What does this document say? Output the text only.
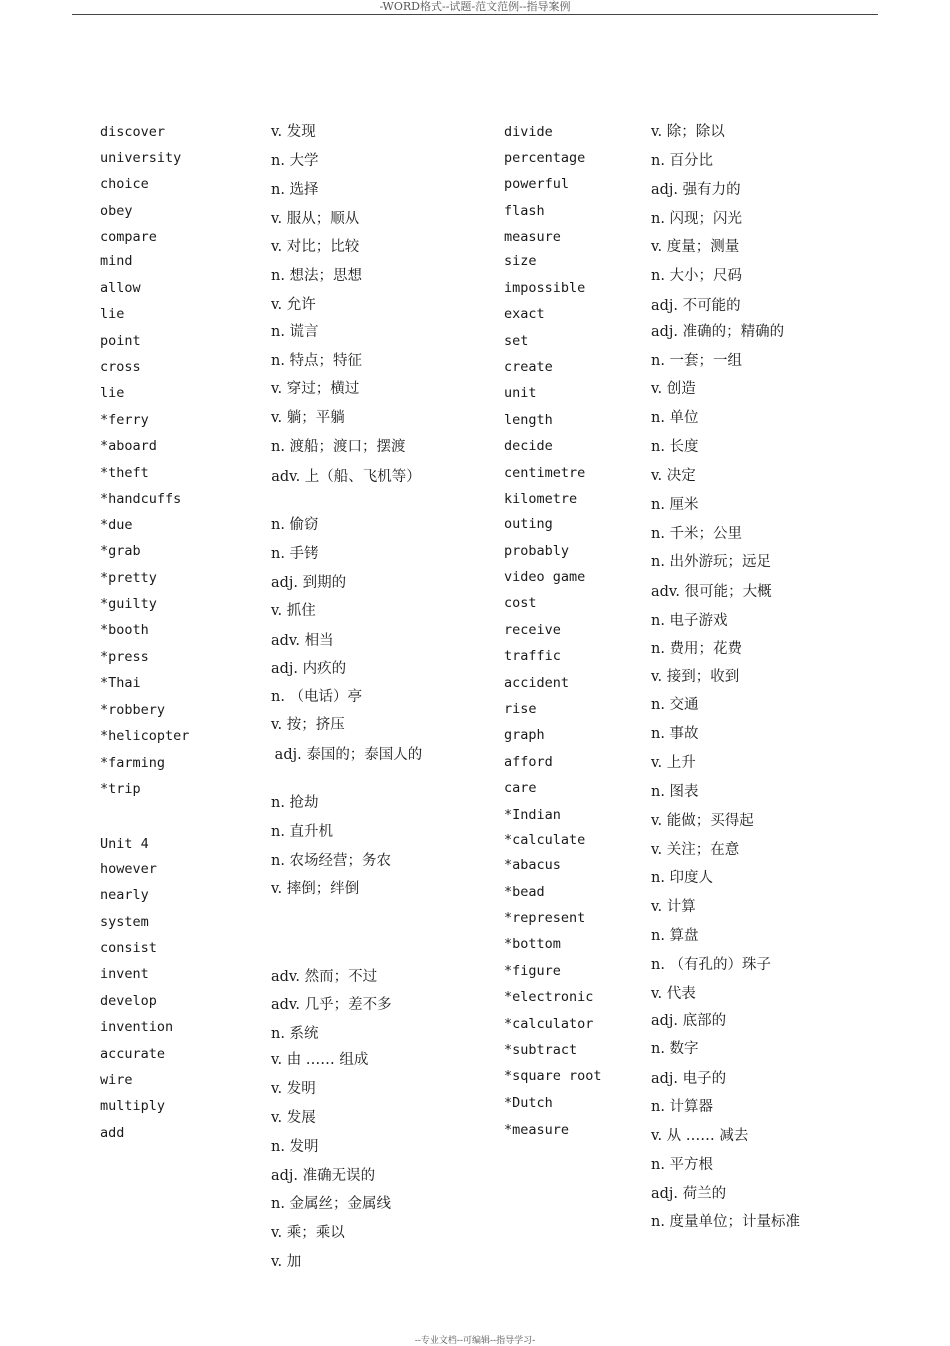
-WORD格式--试题-范文范例--指导案例
discover
university
choice
obey
compare
mind
allow
lie
point
cross
lie
*ferry
*aboard
*theft
*handcuffs
*due
*grab
*pretty
*guilty
*booth
*press
*Thai
*robbery
*helicopter
*farming
*trip
Unit 4
however
nearly
system
consist
invent
develop
invention
accurate
wire
multiply
add
v. 发现
n. 大学
n. 选择
v. 服从；顺从
v. 对比；比较
n. 想法；思想
v. 允许
n. 谎言
n. 特点；特征
v. 穿过；横过
v. 躺；平躺
n. 渡船；渡口；摆渡
adv. 上（船、飞机等）
n. 偷窃
n. 手铐
adj. 到期的
v. 抓住
adv. 相当
adj. 内疚的
n. （电话）亭
v. 按；挤压
adj. 泰国的；泰国人的
n. 抢劫
n. 直升机
n. 农场经营；务农
v. 摔倒；绊倒
adv. 然而；不过
adv. 几乎；差不多
n. 系统
v. 由 …… 组成
v. 发明
v. 发展
n. 发明
adj. 准确无误的
n. 金属丝；金属线
v. 乘；乘以
v. 加
divide
percentage
powerful
flash
measure
size
impossible
exact
set
create
unit
length
decide
centimetre
kilometre
outing
probably
video game
cost
receive
traffic
accident
rise
graph
afford
care
*Indian
*calculate
*abacus
*bead
*represent
*bottom
*figure
*electronic
*calculator
*subtract
*square root
*Dutch
*measure
v. 除；除以
n. 百分比
adj. 强有力的
n. 闪现；闪光
v. 度量；测量
n. 大小；尺码
adj. 不可能的
adj. 准确的；精确的
n. 一套；一组
v. 创造
n. 单位
n. 长度
v. 决定
n. 厘米
n. 千米；公里
n. 出外游玩；远足
adv. 很可能；大概
n. 电子游戏
n. 费用；花费
v. 接到；收到
n. 交通
n. 事故
v. 上升
n. 图表
v. 能做；买得起
v. 关注；在意
n. 印度人
v. 计算
n. 算盘
n. （有孔的）珠子
v. 代表
adj. 底部的
n. 数字
adj. 电子的
n. 计算器
v. 从 …… 减去
n. 平方根
adj. 荷兰的
n. 度量单位；计量标准
--专业文档--可编辑--指导学习-
